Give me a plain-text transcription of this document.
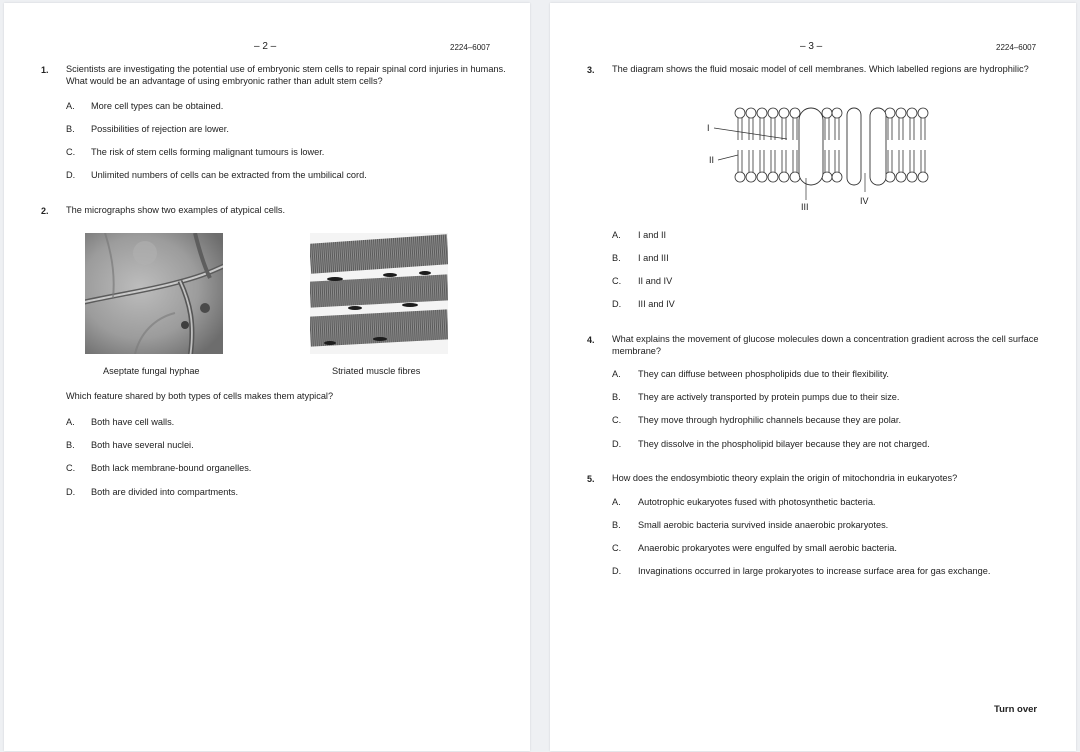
– 2 –	2224–6007
1. Scientists are investigating the potential use of embryonic stem cells to repair spinal cord injuries in humans. What would be an advantage of using embryonic rather than adult stem cells?
A. More cell types can be obtained.
B. Possibilities of rejection are lower.
C. The risk of stem cells forming malignant tumours is lower.
D. Unlimited numbers of cells can be extracted from the umbilical cord.
2. The micrographs show two examples of atypical cells.
Aseptate fungal hyphae	Striated muscle fibres
Which feature shared by both types of cells makes them atypical?
A. Both have cell walls.
B. Both have several nuclei.
C. Both lack membrane-bound organelles.
D. Both are divided into compartments.
– 3 –	2224–6007
3. The diagram shows the fluid mosaic model of cell membranes. Which labelled regions are hydrophilic?
I
II
III
IV
A. I and II
B. I and III
C. II and IV
D. III and IV
4. What explains the movement of glucose molecules down a concentration gradient across the cell surface membrane?
A. They can diffuse between phospholipids due to their flexibility.
B. They are actively transported by protein pumps due to their size.
C. They move through hydrophilic channels because they are polar.
D. They dissolve in the phospholipid bilayer because they are not charged.
5. How does the endosymbiotic theory explain the origin of mitochondria in eukaryotes?
A. Autotrophic eukaryotes fused with photosynthetic bacteria.
B. Small aerobic bacteria survived inside anaerobic prokaryotes.
C. Anaerobic prokaryotes were engulfed by small aerobic bacteria.
D. Invaginations occurred in large prokaryotes to increase surface area for gas exchange.
Turn over
